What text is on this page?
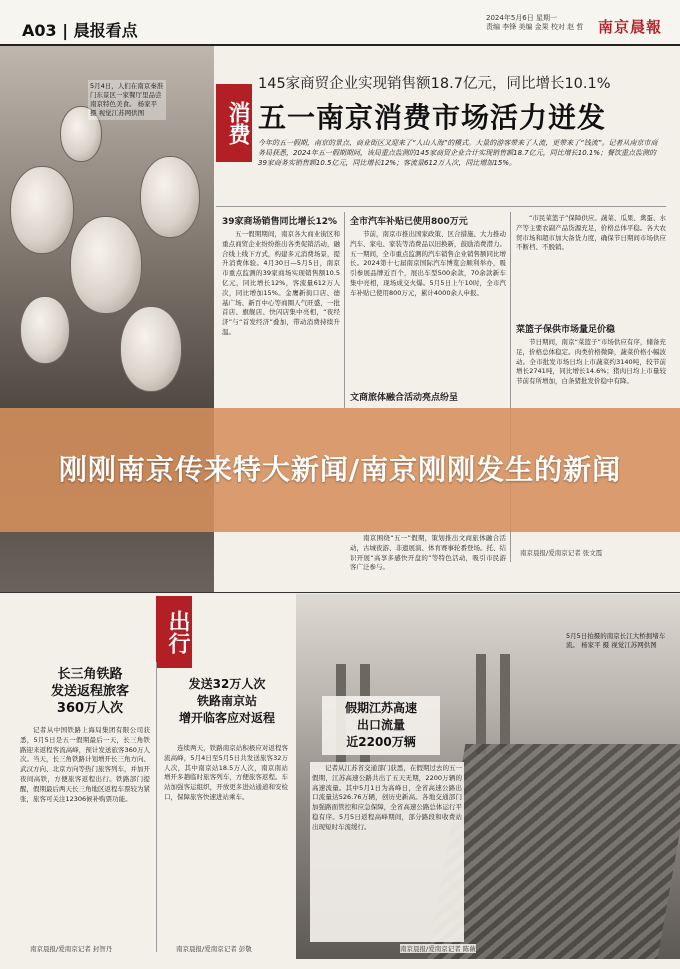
A03 | 晨报看点
2024年5月6日 星期一
责编 李锋 美编 金果 校对 赵 哲 南京晨報
5月4日，人们在南京秦淮门东景区一家餐厅里品尝南京特色美食。 杨家平 摄 视觉江苏网供图	消费
145家商贸企业实现销售额18.7亿元，同比增长10.1%
五一南京消费市场活力迸发
今年的五一假期，南京的景点、商业街区又迎来了“人山人海”的模式。大量的游客带来了人流，更带来了“钱流”。记者从南京市商务局获悉，2024年五一假期期间，该局重点监测的145家商贸企业合计实现销售额18.7亿元，同比增长10.1%；餐饮重点监测的39家商务实销售额10.5亿元，同比增长12%；客流量612万人次，同比增加15%。
39家商场销售同比增长12%

五一假期期间，南京各大商业街区和重点商贸企业纷纷推出各类促销活动，融合线上线下方式，构建多元消费场景，提升消费体验。4月30日—5月5日，南京市重点监测的39家商场实现销售额10.5亿元，同比增长12%，客流量612万人次，同比增加15%。金鹰新街口店、德基广场、新百中心等商圈人气旺盛，一批首店、旗舰店、快闪店集中亮相，“夜经济”与“首发经济”叠加，带动消费持续升温。

全市汽车补贴已使用800万元

节前，南京市推出国家政策、区合措施、大力推动汽车、家电、家装等消费品以旧换新，鼓励消费潜力。五一期间，全市重点监测的汽车销售企业销售额同比增长。2024第十七届南京国际汽车博览会顺利举办，吸引参展品牌近百个，展出车型500余款，70余款新车集中亮相，现场成交火爆。5月5日上午10时，全市汽车补贴已使用800万元，累计4000余人申报。

文商旅体融合活动亮点纷呈

“市民菜篮子”保障供应。蔬菜、瓜果、禽蛋、水产等主要农副产品货源充足，价格总体平稳。各大农贸市场和超市加大备货力度，确保节日期间市场供应不断档、不脱销。

菜篮子保供市场量足价稳

节日期间，南京“菜篮子”市场供应有序，储备充足，价格总体稳定。肉类价格微降，蔬菜价格小幅波动。全市批发市场日均上市蔬菜约3140吨，较节前增长2741吨，同比增长14.6%；猪肉日均上市量较节前有所增加，白条猪批发价稳中有降。

南京围绕“五一”假期，策划推出文商旅体融合活动，古城夜游、非遗展演、体育赛事轮番登场。托、结识开展“高享多感快开盘的”等特色活动，吸引市民游客广泛参与。

南京晨报/爱南京记者 张文霞
5月5日拍摄的南京长江大桥拥堵车流。 杨家平 摄 视觉江苏网供图
出行
长三角铁路
发送返程旅客
360万人次

记者从中国铁路上海局集团有限公司获悉，5月5日是五一假期最后一天，长三角铁路迎来返程客流高峰，预计发送旅客360万人次。当天，长三角铁路计划增开长三角方向、武汉方向、北京方向等热门旅客列车，并加开夜间高铁，方便旅客返程出行。铁路部门提醒，假期最后两天长三角地区返程车票较为紧张，旅客可关注12306候补购票功能。

南京晨报/爱南京记者 封智丹
发送32万人次
铁路南京站
增开临客应对返程

连续两天，铁路南京站积极应对返程客流高峰，5月4日至5月5日共发送旅客32万人次，其中南京站18.5万人次，南京南站增开多趟临时旅客列车，方便旅客返程。车站加强客运组织，开放更多进站通道和安检口，保障旅客快速进站乘车。

南京晨报/爱南京记者 彭敬
假期江苏高速
出口流量
近2200万辆

记者从江苏省交通部门获悉，在假期过去的五一假期，江苏高速公路共出了五天无期，2200万辆的高速流量。其中5月1日为高峰日，全省高速公路出口流量达526.76万辆，创历史新高。各地交通部门加强路面管控和应急保障，全省高速公路总体运行平稳有序。5月5日返程高峰期间，部分路段和收费站出现短时车流缓行。

南京晨报/爱南京记者 陈薇
刚刚南京传来特大新闻/南京刚刚发生的新闻
